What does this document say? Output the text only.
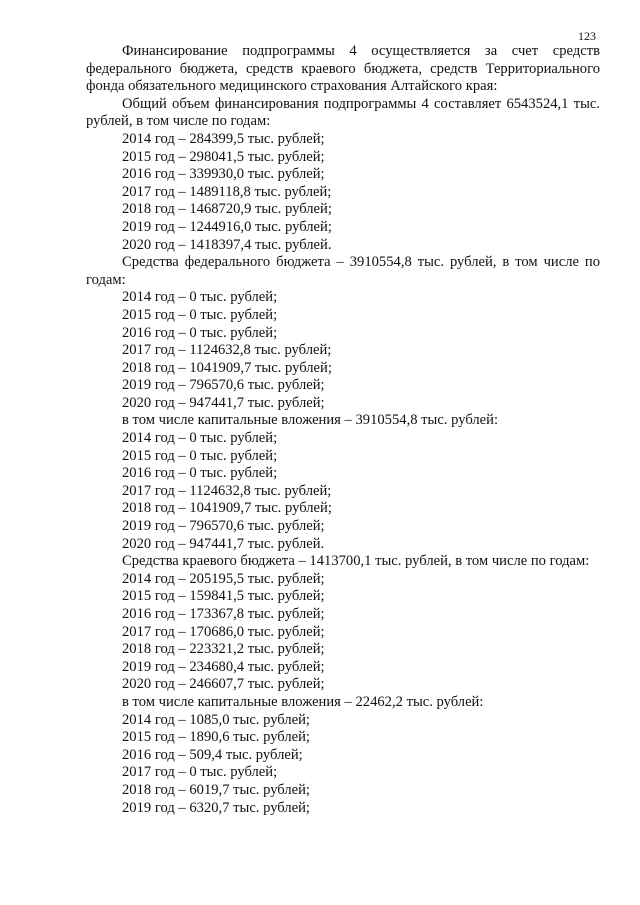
123

Финансирование подпрограммы 4 осуществляется за счет средств федерального бюджета, средств краевого бюджета, средств Территориального фонда обязательного медицинского страхования Алтайского края:

Общий объем финансирования подпрограммы 4 составляет 6543524,1 тыс. рублей, в том числе по годам:

2014 год – 284399,5 тыс. рублей;

2015 год – 298041,5 тыс. рублей;

2016 год – 339930,0 тыс. рублей;

2017 год – 1489118,8 тыс. рублей;

2018 год – 1468720,9 тыс. рублей;

2019 год – 1244916,0 тыс. рублей;

2020 год – 1418397,4 тыс. рублей.

Средства федерального бюджета – 3910554,8 тыс. рублей, в том числе по годам:

2014 год – 0 тыс. рублей;

2015 год – 0 тыс. рублей;

2016 год – 0 тыс. рублей;

2017 год – 1124632,8 тыс. рублей;

2018 год – 1041909,7 тыс. рублей;

2019 год – 796570,6 тыс. рублей;

2020 год – 947441,7 тыс. рублей;

в том числе капитальные вложения – 3910554,8 тыс. рублей:

2014 год – 0 тыс. рублей;

2015 год – 0 тыс. рублей;

2016 год – 0 тыс. рублей;

2017 год – 1124632,8 тыс. рублей;

2018 год – 1041909,7 тыс. рублей;

2019 год – 796570,6 тыс. рублей;

2020 год – 947441,7 тыс. рублей.

Средства краевого бюджета – 1413700,1 тыс. рублей, в том числе по годам:

2014 год – 205195,5 тыс. рублей;

2015 год – 159841,5 тыс. рублей;

2016 год – 173367,8 тыс. рублей;

2017 год – 170686,0 тыс. рублей;

2018 год – 223321,2 тыс. рублей;

2019 год – 234680,4 тыс. рублей;

2020 год – 246607,7 тыс. рублей;

в том числе капитальные вложения – 22462,2 тыс. рублей:

2014 год – 1085,0 тыс. рублей;

2015 год – 1890,6 тыс. рублей;

2016 год – 509,4 тыс. рублей;

2017 год – 0 тыс. рублей;

2018 год – 6019,7 тыс. рублей;

2019 год – 6320,7 тыс. рублей;
